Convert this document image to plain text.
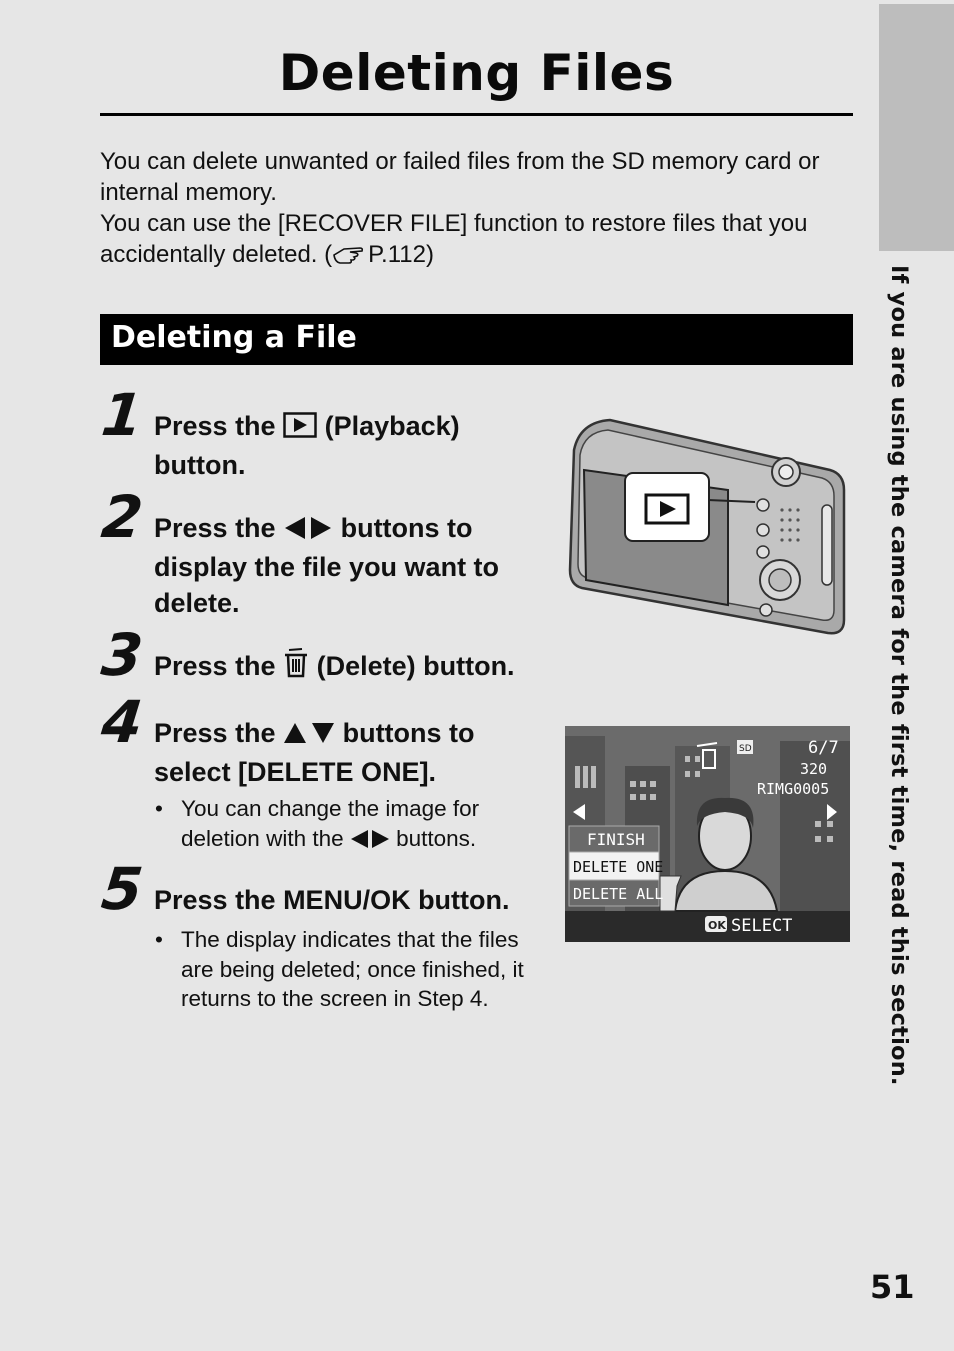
If you are using the camera for the first time, read this section.
Deleting Files

You can delete unwanted or failed files from the SD memory card or internal memory.

You can use the [RECOVER FILE] function to restore files that you accidentally deleted. ( P.112)

Deleting a File
1 Press the  (Playback) button.
2 Press the  buttons to display the file you want to delete.
3 Press the  (Delete) button.
4 Press the  buttons to select [DELETE ONE].
• You can change the image for deletion with the  buttons.
5 Press the MENU/OK button.
• The display indicates that the files are being deleted; once finished, it returns to the screen in Step 4.
SD	6/7
320
RIMG0005
FINISH
DELETE ONE
DELETE ALL
OK SELECT
51
